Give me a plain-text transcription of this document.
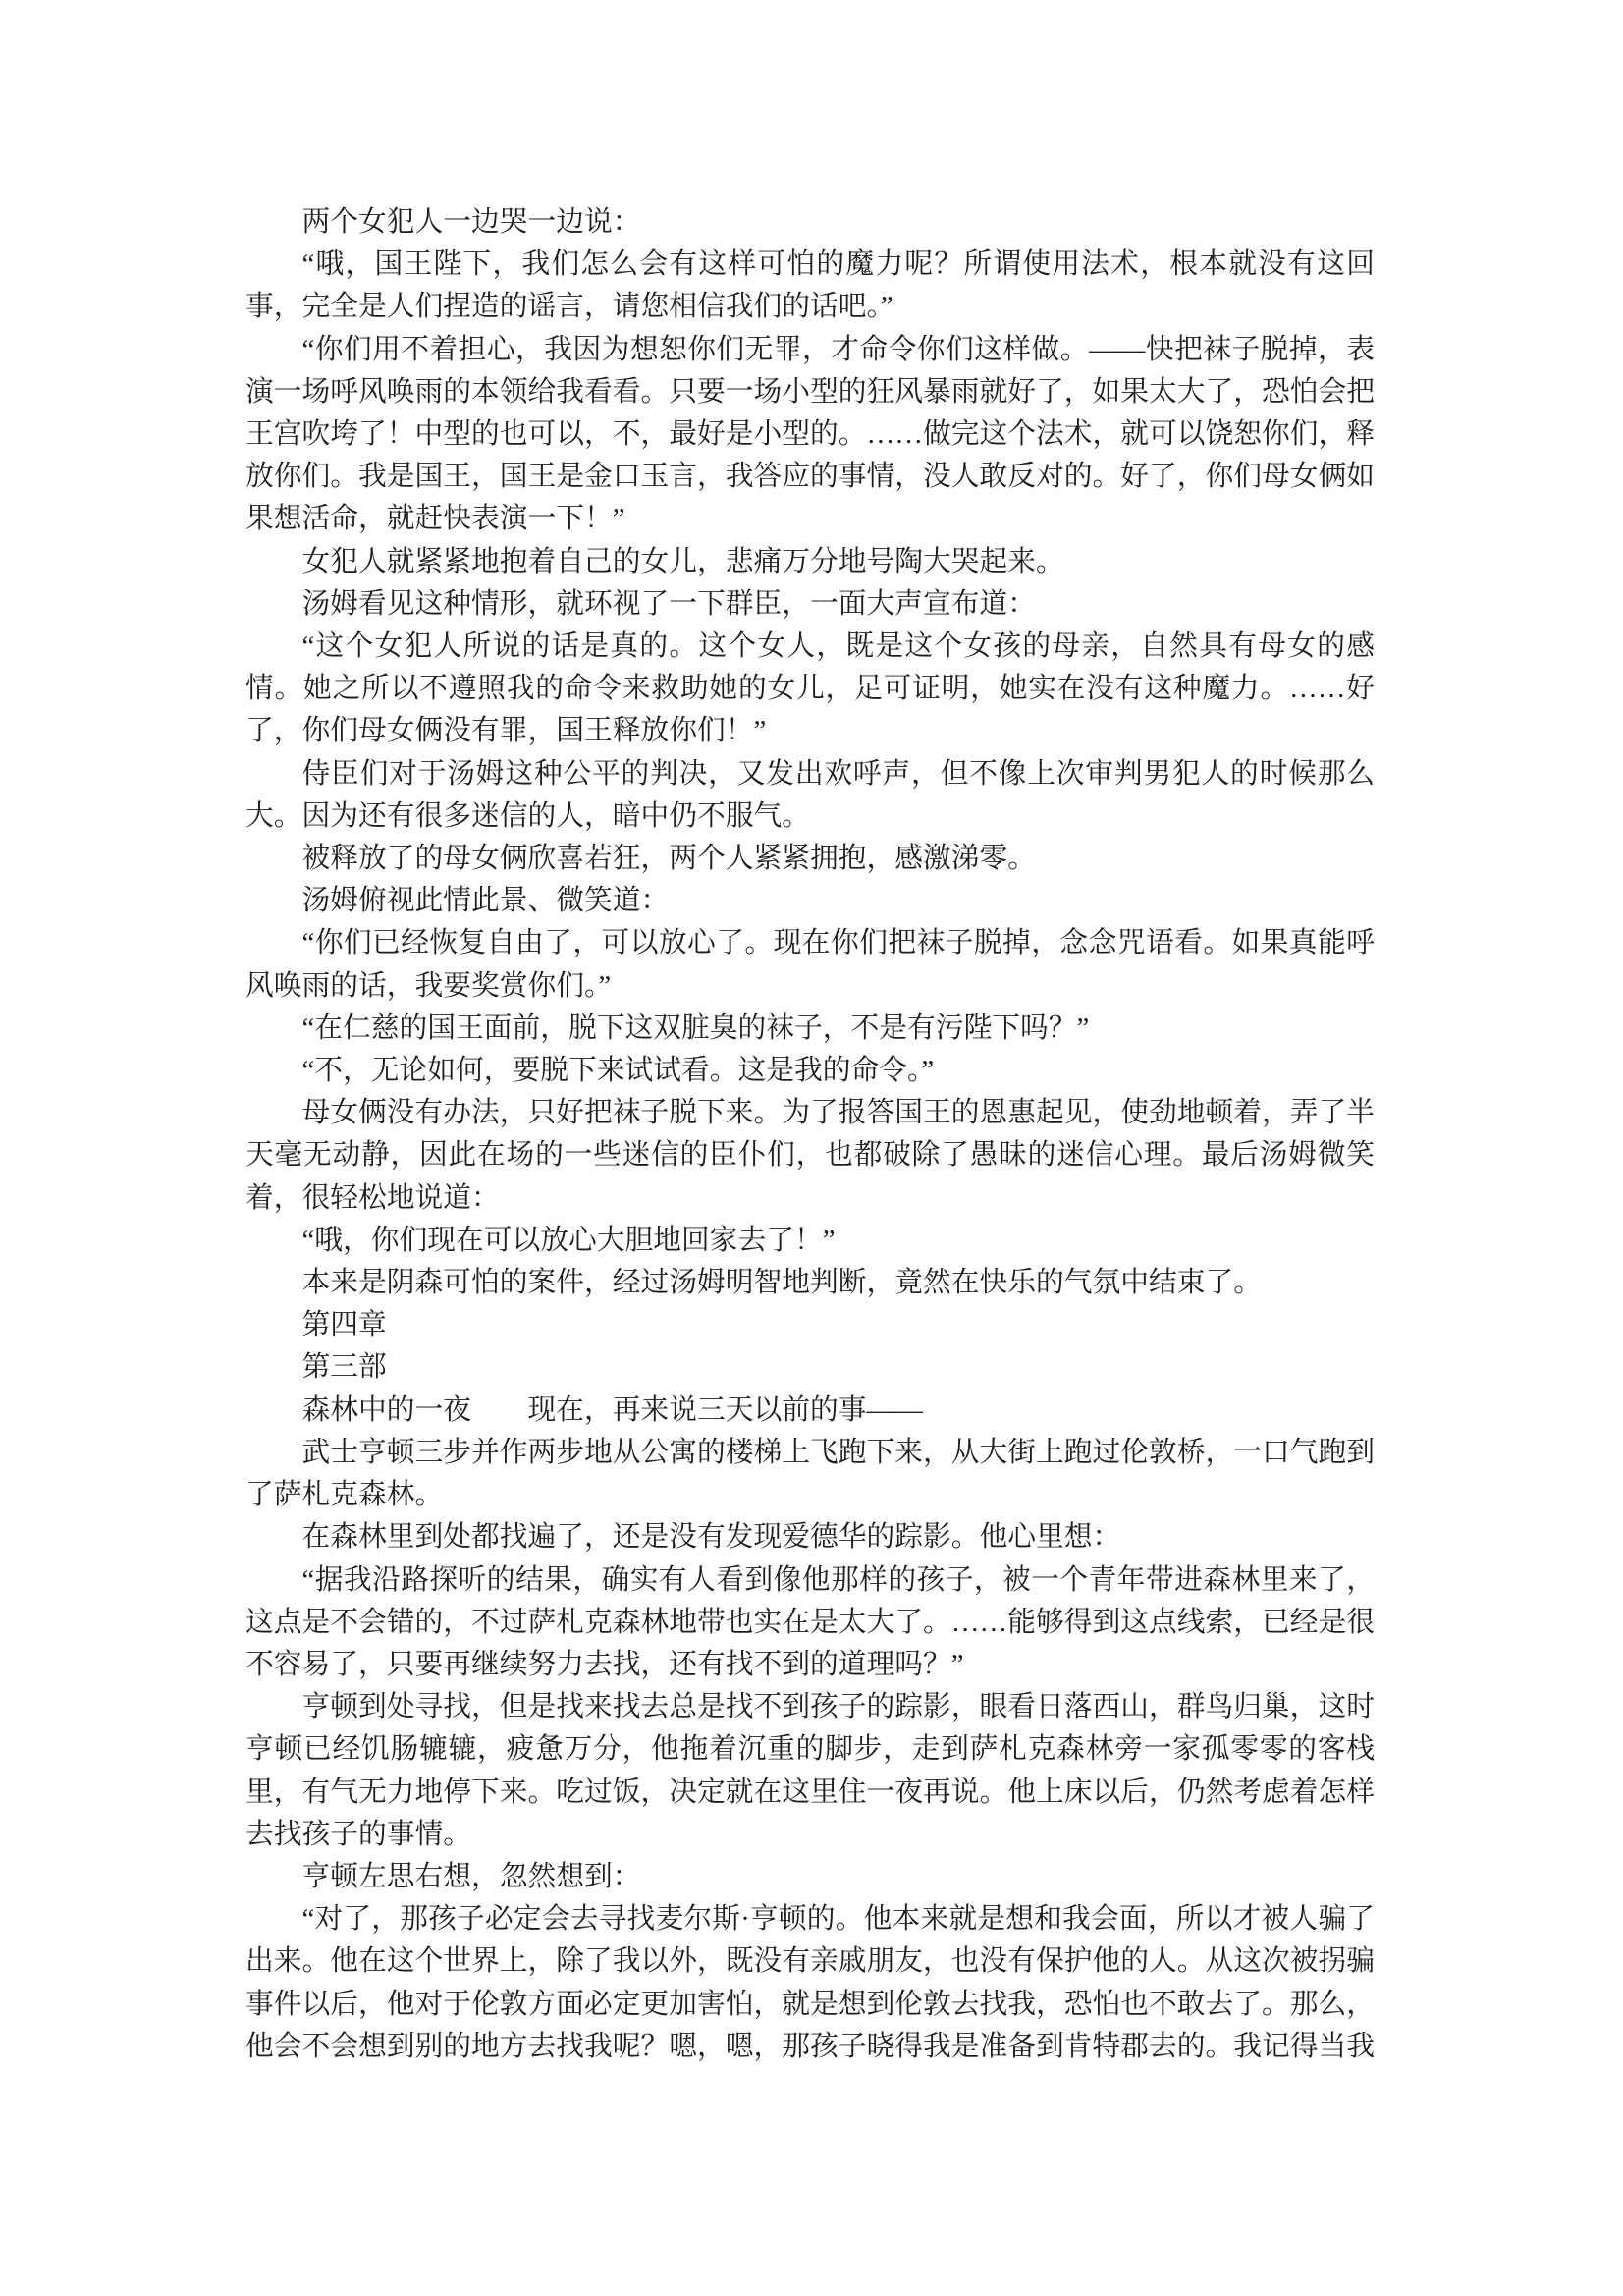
两个女犯人一边哭一边说：

“哦，国王陛下，我们怎么会有这样可怕的魔力呢？所谓使用法术，根本就没有这回事，完全是人们捏造的谣言，请您相信我们的话吧。”

“你们用不着担心，我因为想恕你们无罪，才命令你们这样做。——快把袜子脱掉，表演一场呼风唤雨的本领给我看看。只要一场小型的狂风暴雨就好了，如果太大了，恐怕会把王宫吹垮了！中型的也可以，不，最好是小型的。……做完这个法术，就可以饶恕你们，释放你们。我是国王，国王是金口玉言，我答应的事情，没人敢反对的。好了，你们母女俩如果想活命，就赶快表演一下！”

女犯人就紧紧地抱着自己的女儿，悲痛万分地号陶大哭起来。

汤姆看见这种情形，就环视了一下群臣，一面大声宣布道：

“这个女犯人所说的话是真的。这个女人，既是这个女孩的母亲，自然具有母女的感情。她之所以不遵照我的命令来救助她的女儿，足可证明，她实在没有这种魔力。……好了，你们母女俩没有罪，国王释放你们！”

侍臣们对于汤姆这种公平的判决，又发出欢呼声，但不像上次审判男犯人的时候那么大。因为还有很多迷信的人，暗中仍不服气。

被释放了的母女俩欣喜若狂，两个人紧紧拥抱，感激涕零。

汤姆俯视此情此景、微笑道：

“你们已经恢复自由了，可以放心了。现在你们把袜子脱掉，念念咒语看。如果真能呼风唤雨的话，我要奖赏你们。”

“在仁慈的国王面前，脱下这双脏臭的袜子，不是有污陛下吗？”

“不，无论如何，要脱下来试试看。这是我的命令。”

母女俩没有办法，只好把袜子脱下来。为了报答国王的恩惠起见，使劲地顿着，弄了半天毫无动静，因此在场的一些迷信的臣仆们，也都破除了愚昧的迷信心理。最后汤姆微笑着，很轻松地说道：

“哦，你们现在可以放心大胆地回家去了！”

本来是阴森可怕的案件，经过汤姆明智地判断，竟然在快乐的气氛中结束了。

第四章

第三部

森林中的一夜　　现在，再来说三天以前的事——

武士亨顿三步并作两步地从公寓的楼梯上飞跑下来，从大街上跑过伦敦桥，一口气跑到了萨札克森林。

在森林里到处都找遍了，还是没有发现爱德华的踪影。他心里想：

“据我沿路探听的结果，确实有人看到像他那样的孩子，被一个青年带进森林里来了，这点是不会错的，不过萨札克森林地带也实在是太大了。……能够得到这点线索，已经是很不容易了，只要再继续努力去找，还有找不到的道理吗？”

亨顿到处寻找，但是找来找去总是找不到孩子的踪影，眼看日落西山，群鸟归巢，这时亨顿已经饥肠辘辘，疲惫万分，他拖着沉重的脚步，走到萨札克森林旁一家孤零零的客栈里，有气无力地停下来。吃过饭，决定就在这里住一夜再说。他上床以后，仍然考虑着怎样去找孩子的事情。

亨顿左思右想，忽然想到：

“对了，那孩子必定会去寻找麦尔斯·亨顿的。他本来就是想和我会面，所以才被人骗了出来。他在这个世界上，除了我以外，既没有亲戚朋友，也没有保护他的人。从这次被拐骗事件以后，他对于伦敦方面必定更加害怕，就是想到伦敦去找我，恐怕也不敢去了。那么，他会不会想到别的地方去找我呢？嗯，嗯，那孩子晓得我是准备到肯特郡去的。我记得当我
